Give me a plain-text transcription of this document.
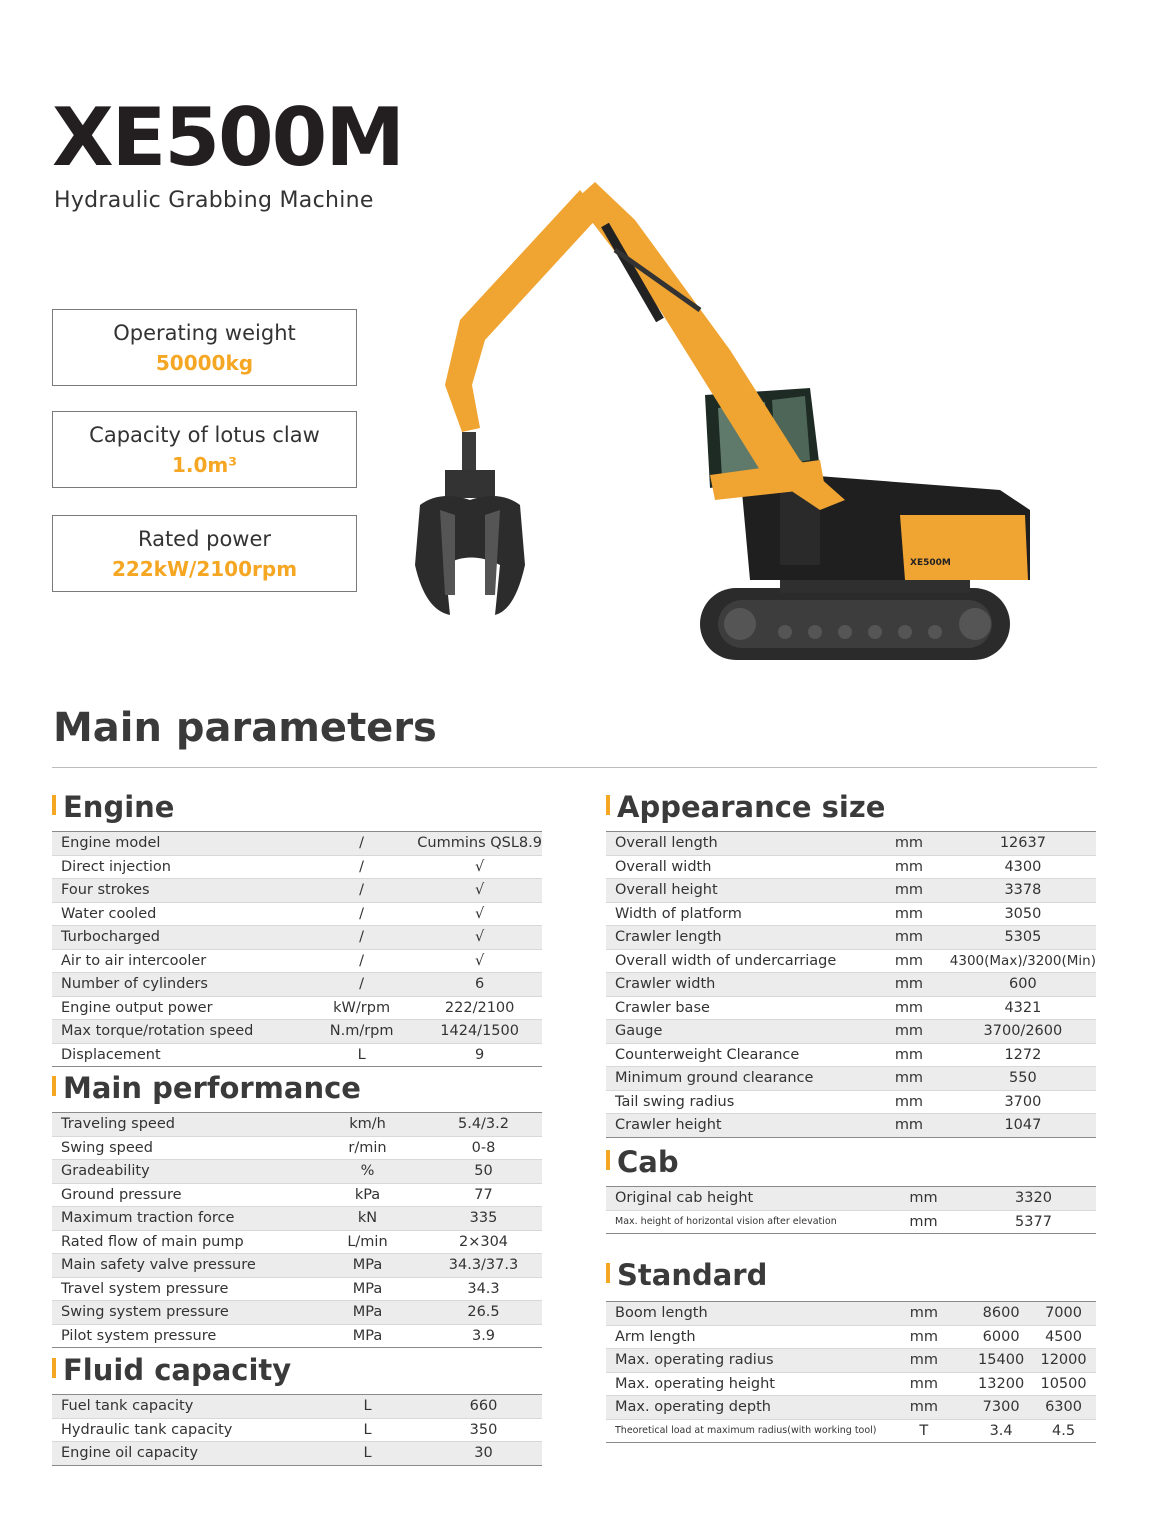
XE500M
Hydraulic Grabbing Machine
Operating weight
50000kg
Capacity of lotus claw
1.0m³
Rated power
222kW/2100rpm	XE500M
Main parameters
Engine
Engine model	/	Cummins QSL8.9
Direct injection	/	√
Four strokes	/	√
Water cooled	/	√
Turbocharged	/	√
Air to air intercooler	/	√
Number of cylinders	/	6
Engine output power	kW/rpm	222/2100
Max torque/rotation speed	N.m/rpm	1424/1500
Displacement	L	9
Main performance
Traveling speed	km/h	5.4/3.2
Swing speed	r/min	0-8
Gradeability	%	50
Ground pressure	kPa	77
Maximum traction force	kN	335
Rated flow of main pump	L/min	2×304
Main safety valve pressure	MPa	34.3/37.3
Travel system pressure	MPa	34.3
Swing system pressure	MPa	26.5
Pilot system pressure	MPa	3.9
Fluid capacity
Fuel tank capacity	L	660
Hydraulic tank capacity	L	350
Engine oil capacity	L	30
Appearance size
Overall length	mm	12637
Overall width	mm	4300
Overall height	mm	3378
Width of platform	mm	3050
Crawler length	mm	5305
Overall width of undercarriage	mm	4300(Max)/3200(Min)
Crawler width	mm	600
Crawler base	mm	4321
Gauge	mm	3700/2600
Counterweight Clearance	mm	1272
Minimum ground clearance	mm	550
Tail swing radius	mm	3700
Crawler height	mm	1047
Cab
Original cab height	mm	3320
Max. height of horizontal vision after elevation	mm	5377
Standard
Boom length	mm	8600	7000
Arm length	mm	6000	4500
Max. operating radius	mm	15400	12000
Max. operating height	mm	13200	10500
Max. operating depth	mm	7300	6300
Theoretical load at maximum radius(with working tool)	T	3.4	4.5
